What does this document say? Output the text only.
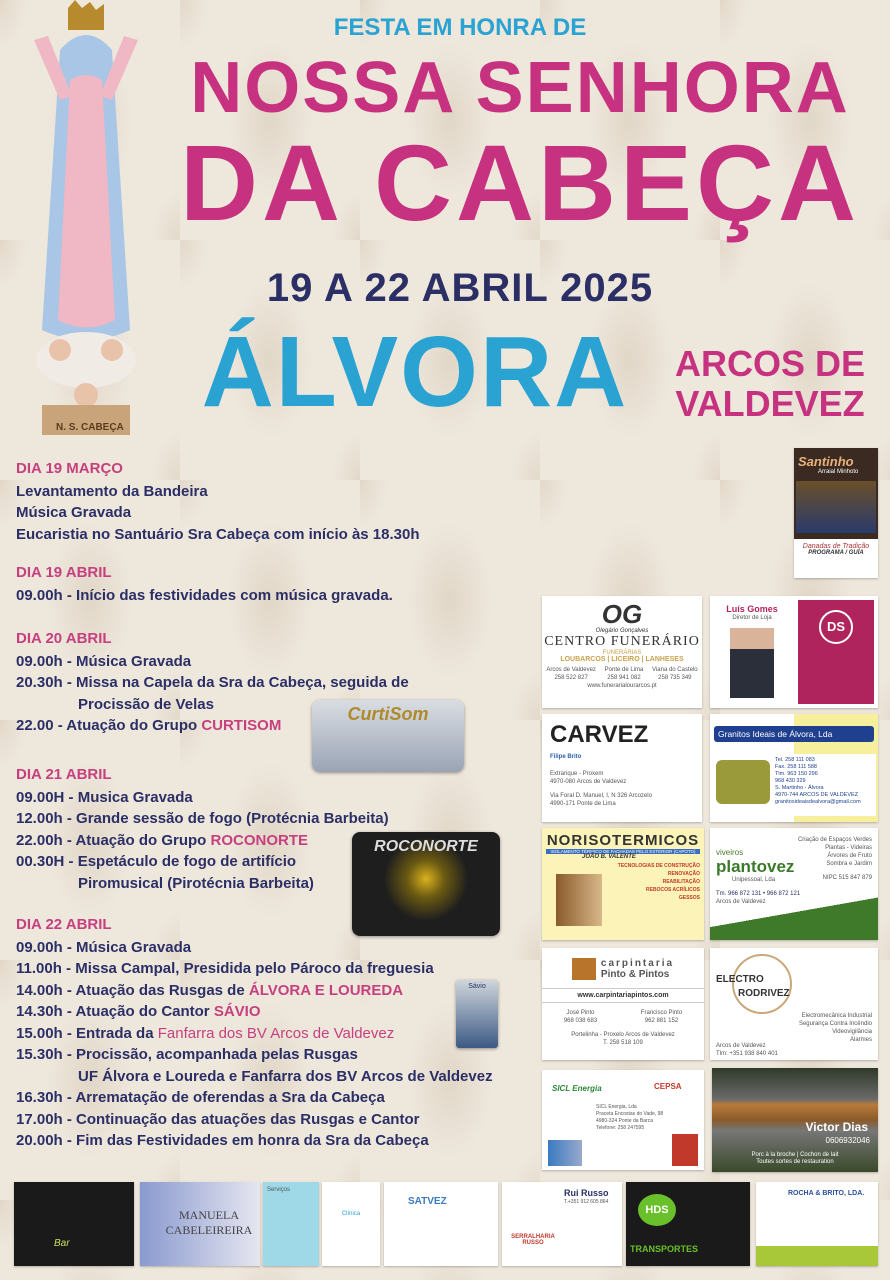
N. S. CABEÇA
FESTA EM HONRA DE
NOSSA SENHORA
DA CABEÇA
19 A 22 ABRIL 2025
ÁLVORA	ARCOS DE
VALDEVEZ
DIA 19 MARÇO
Levantamento da Bandeira
Música Gravada
Eucaristia no Santuário Sra Cabeça com início às 18.30h
DIA 19 ABRIL
09.00h - Início das festividades com música gravada.
DIA 20 ABRIL
09.00h - Música Gravada
20.30h - Missa na Capela da Sra da Cabeça, seguida de
Procissão de Velas
22.00 - Atuação do Grupo CURTISOM
DIA 21 ABRIL
09.00H - Musica Gravada
12.00h - Grande sessão de fogo (Protécnia Barbeita)
22.00h - Atuação do Grupo ROCONORTE
00.30H - Espetáculo de fogo de artifício
Piromusical (Pirotécnia Barbeita)
DIA 22 ABRIL
09.00h - Música Gravada
11.00h - Missa Campal, Presidida pelo Pároco da freguesia
14.00h - Atuação das Rusgas de ÁLVORA E LOUREDA
14.30h - Atuação do Cantor SÁVIO
15.00h - Entrada da Fanfarra dos BV Arcos de Valdevez
15.30h - Procissão, acompanhada pelas Rusgas
UF Álvora e Loureda e Fanfarra dos BV Arcos de Valdevez
16.30h - Arrematação de oferendas a Sra da Cabeça
17.00h - Continuação das atuações das Rusgas e Cantor
20.00h - Fim das Festividades em honra da Sra da Cabeça
CurtiSom
ROCONORTE
Sávio
Santinho
Arraial Minhoto
Danadas de Tradição
PROGRAMA / GUIA
OG
Olegário Gonçalves
CENTRO FUNERÁRIO
FUNERÁRIAS
LOUBARCOS | LICEIRO | LANHESES
Arcos de Valdevez
258 522 827
Ponte de Lima
258 941 082
Viana do Castelo
258 735 349
www.funerarialourarcos.pt
Luís Gomes
Diretor de Loja
DS
CARVEZ
Filipe Brito
Extrarique - Proxem
4970-080 Arcos de Valdevez
Via Foral D. Manuel, I, N 326 Arcozelo
4990-171 Ponte de Lima
Granitos Ideais de Álvora, Lda
Tel. 258 111 083
Fax. 258 111 588
Tlm. 963 150 296
968 430 329
S. Martinho - Álvora
4970-744 ARCOS DE VALDEVEZ
granitosideaisdealvora@gmail.com
NORISOTERMICOS
ISOLAMENTO TÉRMICO DE FACHADAS PELO EXTERIOR (CAPOTO)
JOÃO B. VALENTE
TECNOLOGIAS DE CONSTRUÇÃO
RENOVAÇÃO
REABILITAÇÃO
REBOCOS ACRÍLICOS
GESSOS
viveiros
plantovez
Unipessoal, Lda
Criação de Espaços Verdes
Plantas - Videiras
Árvores de Fruto
Sombra e Jardim
NIPC 515 847 879
Tm. 966 872 131 • 966 872 121
Arcos de Valdevez
carpintaria
Pinto & Pintos
www.carpintariapintos.com
José Pinto
968 038 683
Francisco Pinto
962 881 152
Portelinha - Proxelo Arcos de Valdevez
T. 258 518 109
ELECTRO
RODRIVEZ
Electromecânica Industrial
Segurança Contra Incêndio
Videovigilância
Alarmes
Arcos de Valdevez
Tlm: +351 938 840 401
SICL Energia	CEPSA
SICL Energia, Lda
Praceta Encostas do Vade, 98
4980-324 Ponte da Barca
Telefone: 258 247595	Victor Dias
0606932046
Porc à la broche | Cochon de lait
Toutes sortes de restauration
Bar
MANUELA CABELEIREIRA
Serviços
Clínica
SATVEZ
SERRALHARIA RUSSO
Rui Russo
T.+351 912 605 864
HDS
TRANSPORTES
ROCHA & BRITO, LDA.
